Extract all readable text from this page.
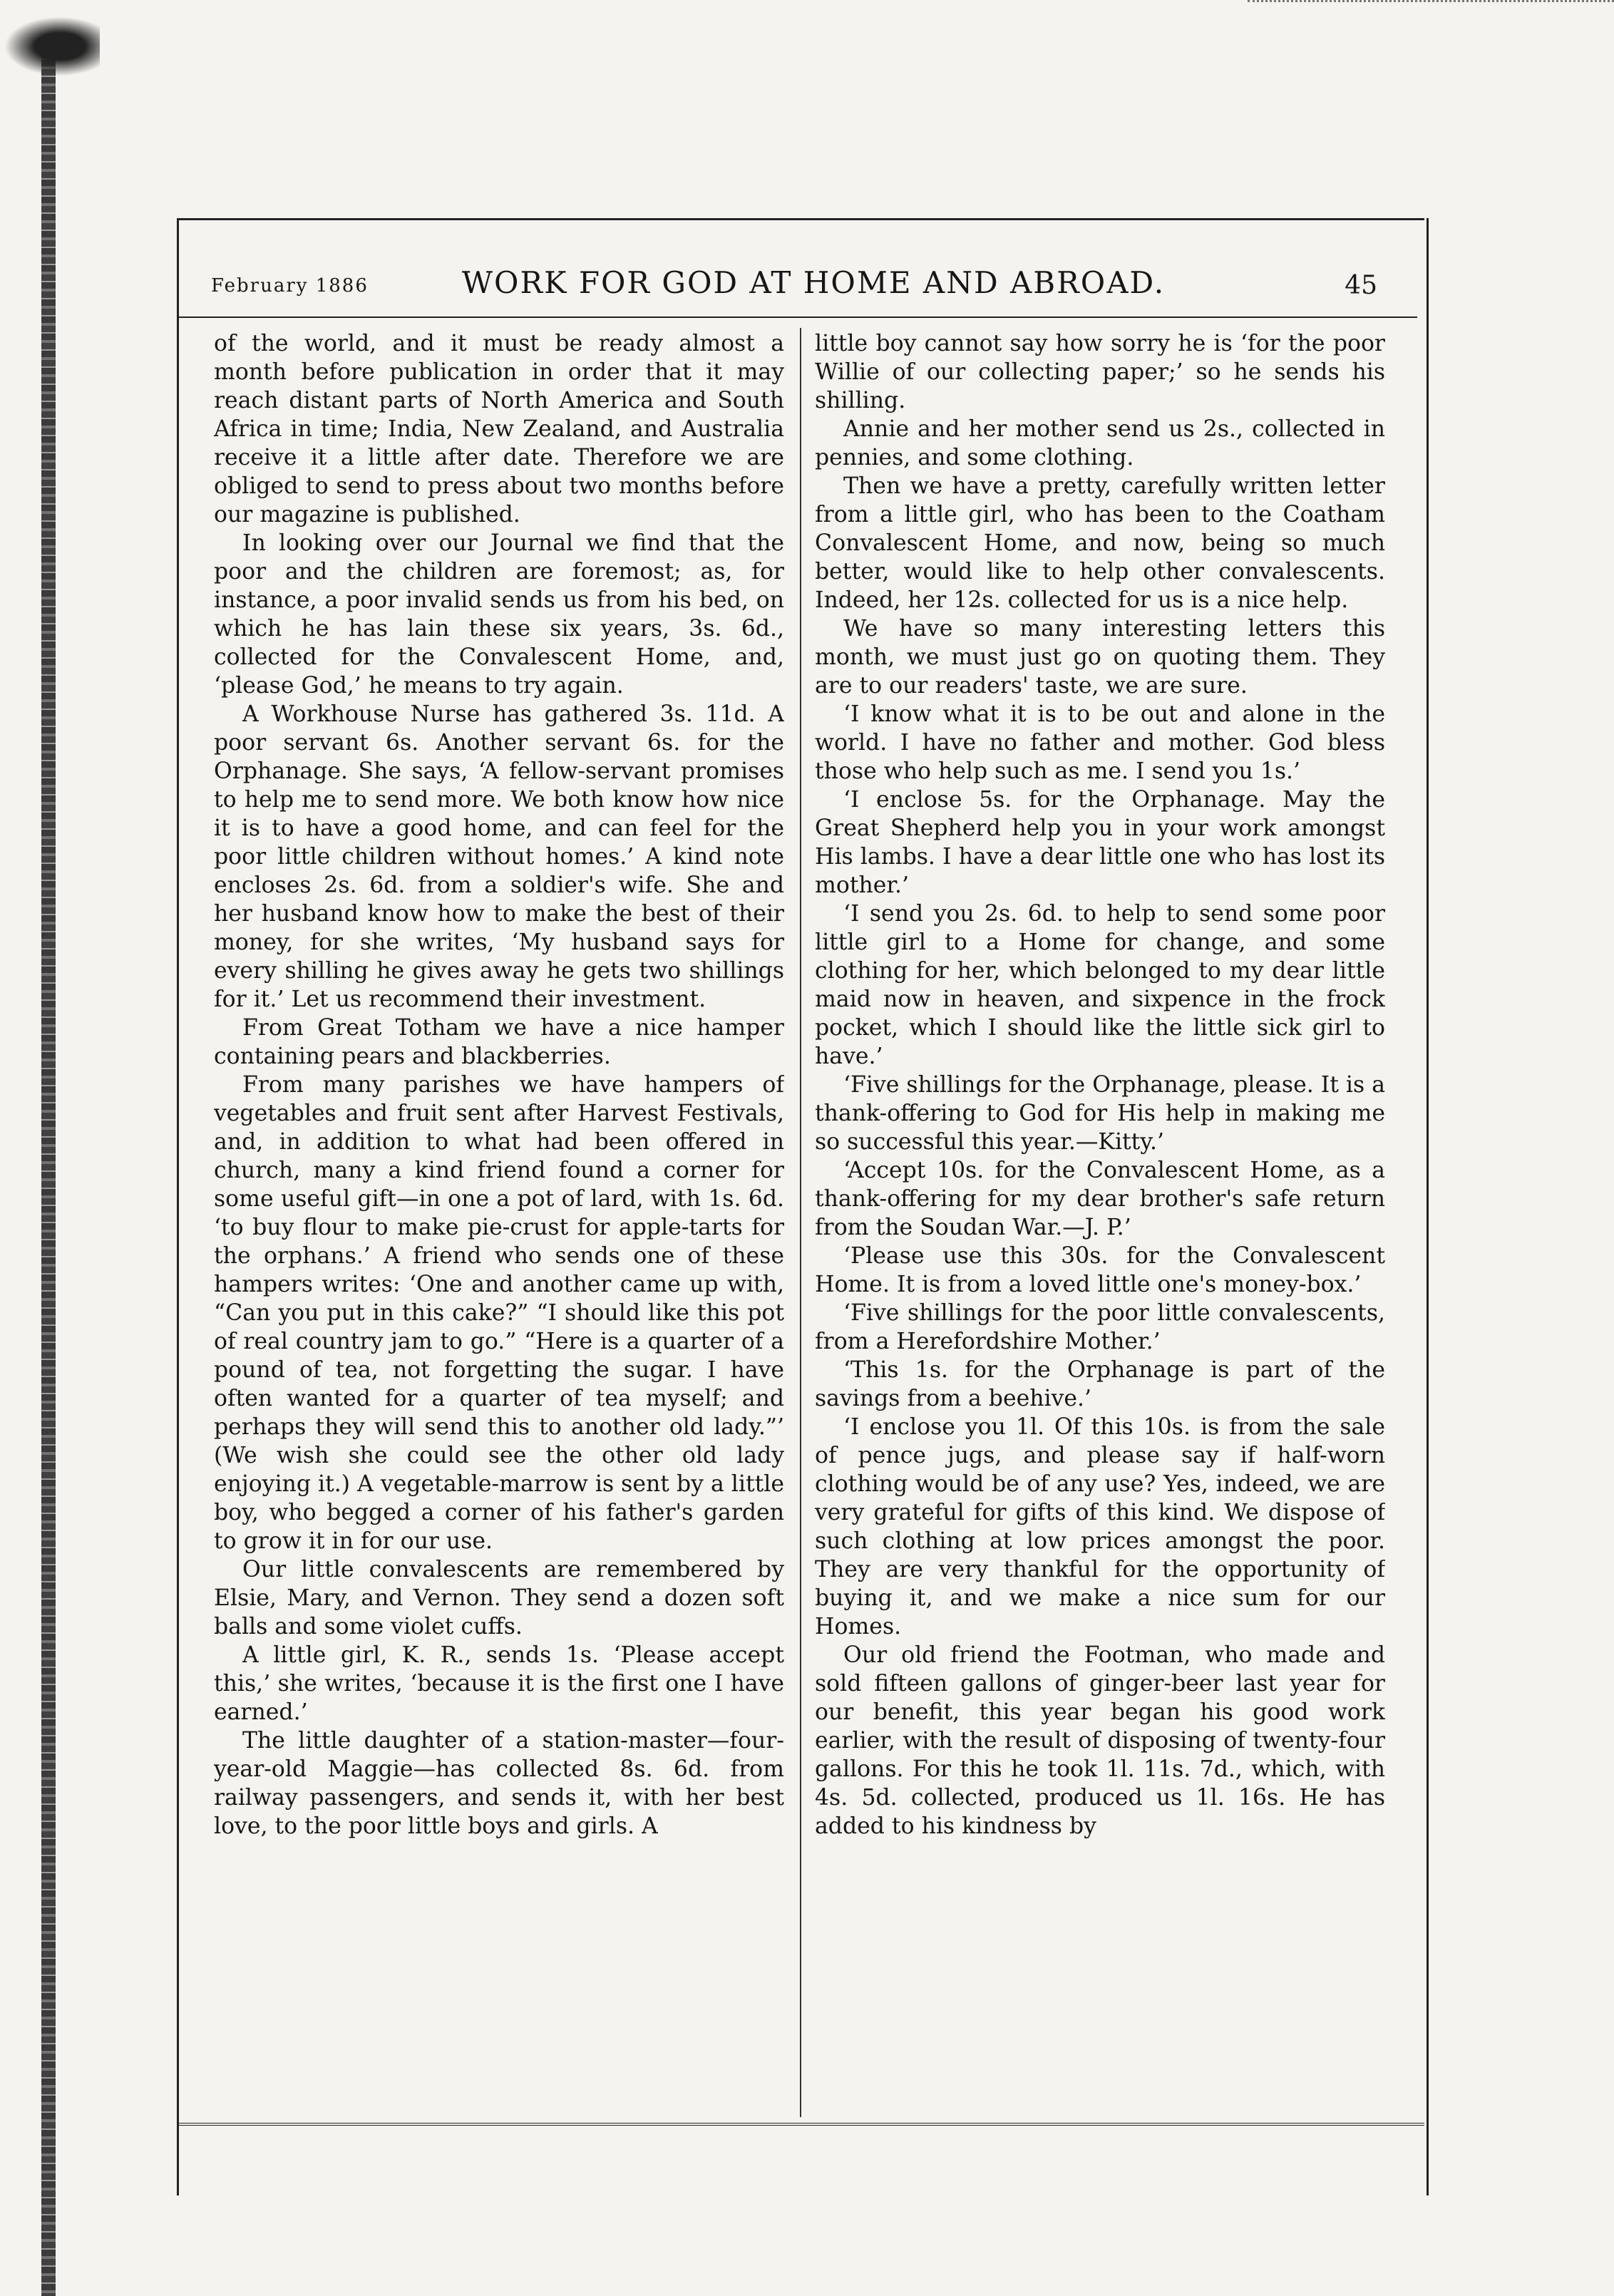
February 1886	WORK FOR GOD AT HOME AND ABROAD.	45

of the world, and it must be ready almost a month before publication in order that it may reach distant parts of North America and South Africa in time; India, New Zealand, and Australia receive it a little after date. Therefore we are obliged to send to press about two months before our magazine is published.

In looking over our Journal we find that the poor and the children are foremost; as, for instance, a poor invalid sends us from his bed, on which he has lain these six years, 3s. 6d., collected for the Convalescent Home, and, ‘please God,’ he means to try again.

A Workhouse Nurse has gathered 3s. 11d. A poor servant 6s. Another servant 6s. for the Orphanage. She says, ‘A fellow-servant promises to help me to send more. We both know how nice it is to have a good home, and can feel for the poor little children without homes.’ A kind note encloses 2s. 6d. from a soldier's wife. She and her husband know how to make the best of their money, for she writes, ‘My husband says for every shilling he gives away he gets two shillings for it.’ Let us recommend their investment.

From Great Totham we have a nice hamper containing pears and blackberries.

From many parishes we have hampers of vegetables and fruit sent after Harvest Festivals, and, in addition to what had been offered in church, many a kind friend found a corner for some useful gift—in one a pot of lard, with 1s. 6d. ‘to buy flour to make pie-crust for apple-tarts for the orphans.’ A friend who sends one of these hampers writes: ‘One and another came up with, “Can you put in this cake?” “I should like this pot of real country jam to go.” “Here is a quarter of a pound of tea, not forgetting the sugar. I have often wanted for a quarter of tea myself; and perhaps they will send this to another old lady.”’ (We wish she could see the other old lady enjoying it.) A vegetable-marrow is sent by a little boy, who begged a corner of his father's garden to grow it in for our use.

Our little convalescents are remembered by Elsie, Mary, and Vernon. They send a dozen soft balls and some violet cuffs.

A little girl, K. R., sends 1s. ‘Please accept this,’ she writes, ‘because it is the first one I have earned.’

The little daughter of a station-master—four-year-old Maggie—has collected 8s. 6d. from railway passengers, and sends it, with her best love, to the poor little boys and girls. A

little boy cannot say how sorry he is ‘for the poor Willie of our collecting paper;’ so he sends his shilling.

Annie and her mother send us 2s., collected in pennies, and some clothing.

Then we have a pretty, carefully written letter from a little girl, who has been to the Coatham Convalescent Home, and now, being so much better, would like to help other convalescents. Indeed, her 12s. collected for us is a nice help.

We have so many interesting letters this month, we must just go on quoting them. They are to our readers' taste, we are sure.

‘I know what it is to be out and alone in the world. I have no father and mother. God bless those who help such as me. I send you 1s.’

‘I enclose 5s. for the Orphanage. May the Great Shepherd help you in your work amongst His lambs. I have a dear little one who has lost its mother.’

‘I send you 2s. 6d. to help to send some poor little girl to a Home for change, and some clothing for her, which belonged to my dear little maid now in heaven, and sixpence in the frock pocket, which I should like the little sick girl to have.’

‘Five shillings for the Orphanage, please. It is a thank-offering to God for His help in making me so successful this year.—Kitty.’

‘Accept 10s. for the Convalescent Home, as a thank-offering for my dear brother's safe return from the Soudan War.—J. P.’

‘Please use this 30s. for the Convalescent Home. It is from a loved little one's money-box.’

‘Five shillings for the poor little convalescents, from a Herefordshire Mother.’

‘This 1s. for the Orphanage is part of the savings from a beehive.’

‘I enclose you 1l. Of this 10s. is from the sale of pence jugs, and please say if half-worn clothing would be of any use? Yes, indeed, we are very grateful for gifts of this kind. We dispose of such clothing at low prices amongst the poor. They are very thankful for the opportunity of buying it, and we make a nice sum for our Homes.

Our old friend the Footman, who made and sold fifteen gallons of ginger-beer last year for our benefit, this year began his good work earlier, with the result of disposing of twenty-four gallons. For this he took 1l. 11s. 7d., which, with 4s. 5d. collected, produced us 1l. 16s. He has added to his kindness by
